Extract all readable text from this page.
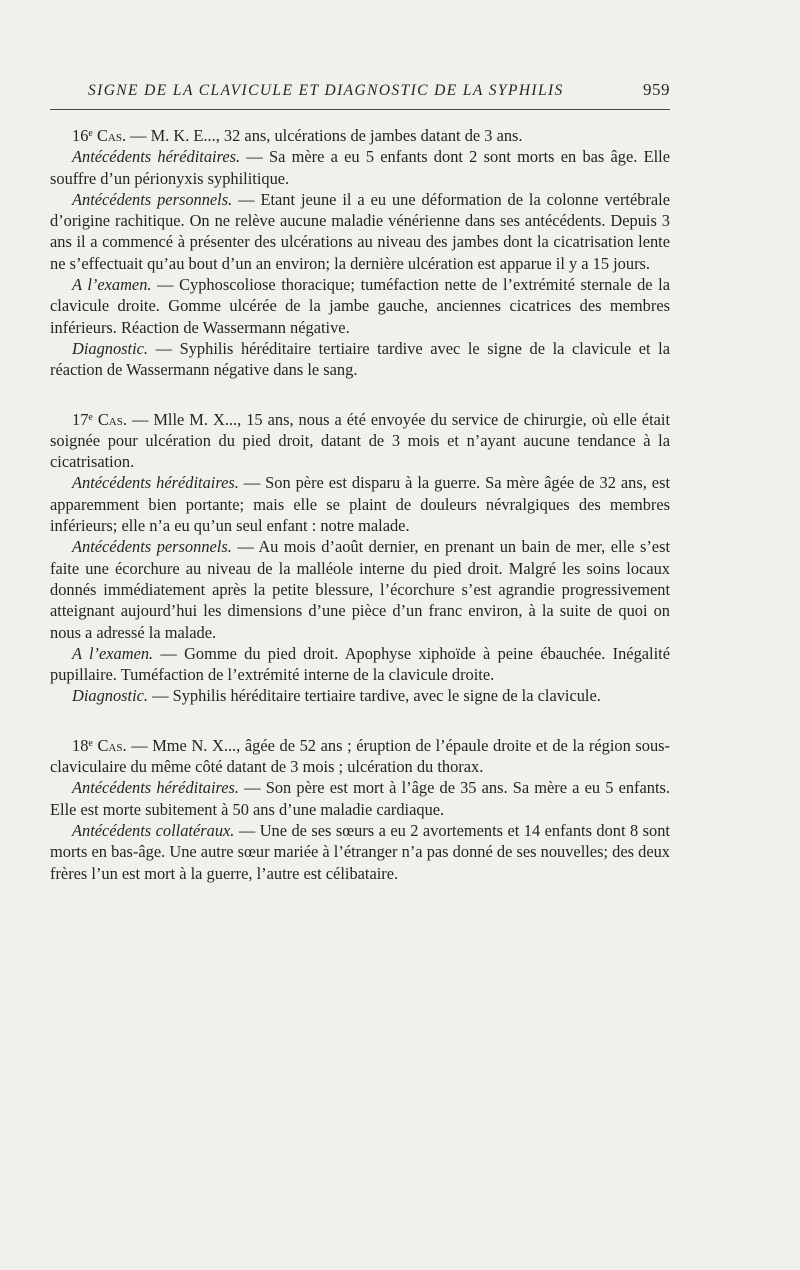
SIGNE DE LA CLAVICULE ET DIAGNOSTIC DE LA SYPHILIS	959

16e Cas. — M. K. E..., 32 ans, ulcérations de jambes datant de 3 ans.

Antécédents héréditaires. — Sa mère a eu 5 enfants dont 2 sont morts en bas âge. Elle souffre d’un périonyxis syphilitique.

Antécédents personnels. — Etant jeune il a eu une déformation de la colonne vertébrale d’origine rachitique. On ne relève aucune maladie vénérienne dans ses antécédents. Depuis 3 ans il a commencé à présenter des ulcérations au niveau des jambes dont la cicatrisation lente ne s’effectuait qu’au bout d’un an environ; la dernière ulcération est apparue il y a 15 jours.

A l’examen. — Cyphoscoliose thoracique; tuméfaction nette de l’extrémité sternale de la clavicule droite. Gomme ulcérée de la jambe gauche, anciennes cicatrices des membres inférieurs. Réaction de Wassermann négative.

Diagnostic. — Syphilis héréditaire tertiaire tardive avec le signe de la clavicule et la réaction de Wassermann négative dans le sang.

17e Cas. — Mlle M. X..., 15 ans, nous a été envoyée du service de chirurgie, où elle était soignée pour ulcération du pied droit, datant de 3 mois et n’ayant aucune tendance à la cicatrisation.

Antécédents héréditaires. — Son père est disparu à la guerre. Sa mère âgée de 32 ans, est apparemment bien portante; mais elle se plaint de douleurs névralgiques des membres inférieurs; elle n’a eu qu’un seul enfant : notre malade.

Antécédents personnels. — Au mois d’août dernier, en prenant un bain de mer, elle s’est faite une écorchure au niveau de la malléole interne du pied droit. Malgré les soins locaux donnés immédiatement après la petite blessure, l’écorchure s’est agrandie progressivement atteignant aujourd’hui les dimensions d’une pièce d’un franc environ, à la suite de quoi on nous a adressé la malade.

A l’examen. — Gomme du pied droit. Apophyse xiphoïde à peine ébauchée. Inégalité pupillaire. Tuméfaction de l’extrémité interne de la clavicule droite.

Diagnostic. — Syphilis héréditaire tertiaire tardive, avec le signe de la clavicule.

18e Cas. — Mme N. X..., âgée de 52 ans ; éruption de l’épaule droite et de la région sous-claviculaire du même côté datant de 3 mois ; ulcération du thorax.

Antécédents héréditaires. — Son père est mort à l’âge de 35 ans. Sa mère a eu 5 enfants. Elle est morte subitement à 50 ans d’une maladie cardiaque.

Antécédents collatéraux. — Une de ses sœurs a eu 2 avortements et 14 enfants dont 8 sont morts en bas-âge. Une autre sœur mariée à l’étranger n’a pas donné de ses nouvelles; des deux frères l’un est mort à la guerre, l’autre est célibataire.
